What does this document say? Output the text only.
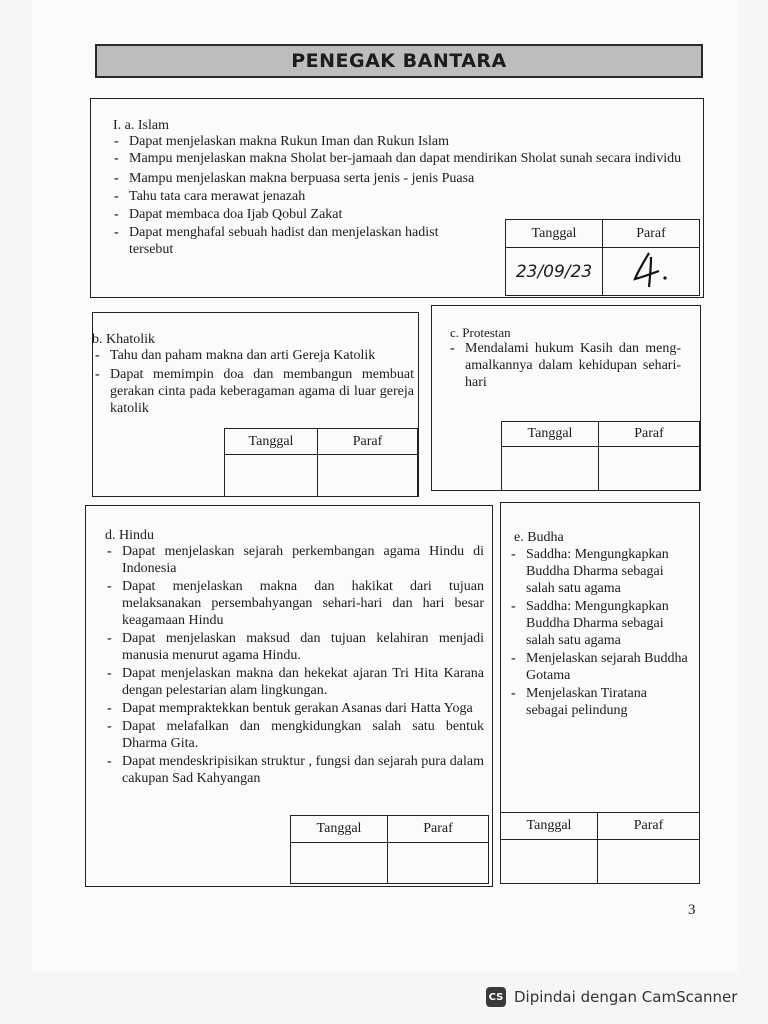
PENEGAK BANTARA
I. a. Islam
- Dapat menjelaskan makna Rukun Iman dan Rukun Islam
- Mampu menjelaskan makna Sholat ber-jamaah dan dapat mendirikan Sholat sunah secara individu
- Mampu menjelaskan makna berpuasa serta jenis - jenis Puasa
- Tahu tata cara merawat jenazah
- Dapat membaca doa Ijab Qobul Zakat
- Dapat menghafal sebuah hadist dan menjelaskan hadist tersebut
Tanggal	Paraf
23/09/23	
b. Khatolik
- Tahu dan paham makna dan arti Gereja Katolik
- Dapat memimpin doa dan membangun membuat gerakan cinta pada keberagaman agama di luar gereja katolik
Tanggal	Paraf

c. Protestan
- Mendalami hukum Kasih dan meng-amalkannya dalam kehidupan sehari-hari
Tanggal	Paraf

d. Hindu
- Dapat menjelaskan sejarah perkembangan agama Hindu di Indonesia
- Dapat menjelaskan makna dan hakikat dari tujuan melaksanakan persembahyangan sehari-hari dan hari besar keagamaan Hindu
- Dapat menjelaskan maksud dan tujuan kelahiran menjadi manusia menurut agama Hindu.
- Dapat menjelaskan makna dan hekekat ajaran Tri Hita Karana dengan pelestarian alam lingkungan.
- Dapat mempraktekkan bentuk gerakan Asanas dari Hatta Yoga
- Dapat melafalkan dan mengkidungkan salah satu bentuk Dharma Gita.
- Dapat mendeskripisikan struktur , fungsi dan sejarah pura dalam cakupan Sad Kahyangan
Tanggal	Paraf

e. Budha
- Saddha: Mengungkapkan Buddha Dharma sebagai salah satu agama
- Saddha: Mengungkapkan Buddha Dharma sebagai salah satu agama
- Menjelaskan sejarah Buddha Gotama
- Menjelaskan Tiratana sebagai pelindung
Tanggal	Paraf

3
CS Dipindai dengan CamScanner
